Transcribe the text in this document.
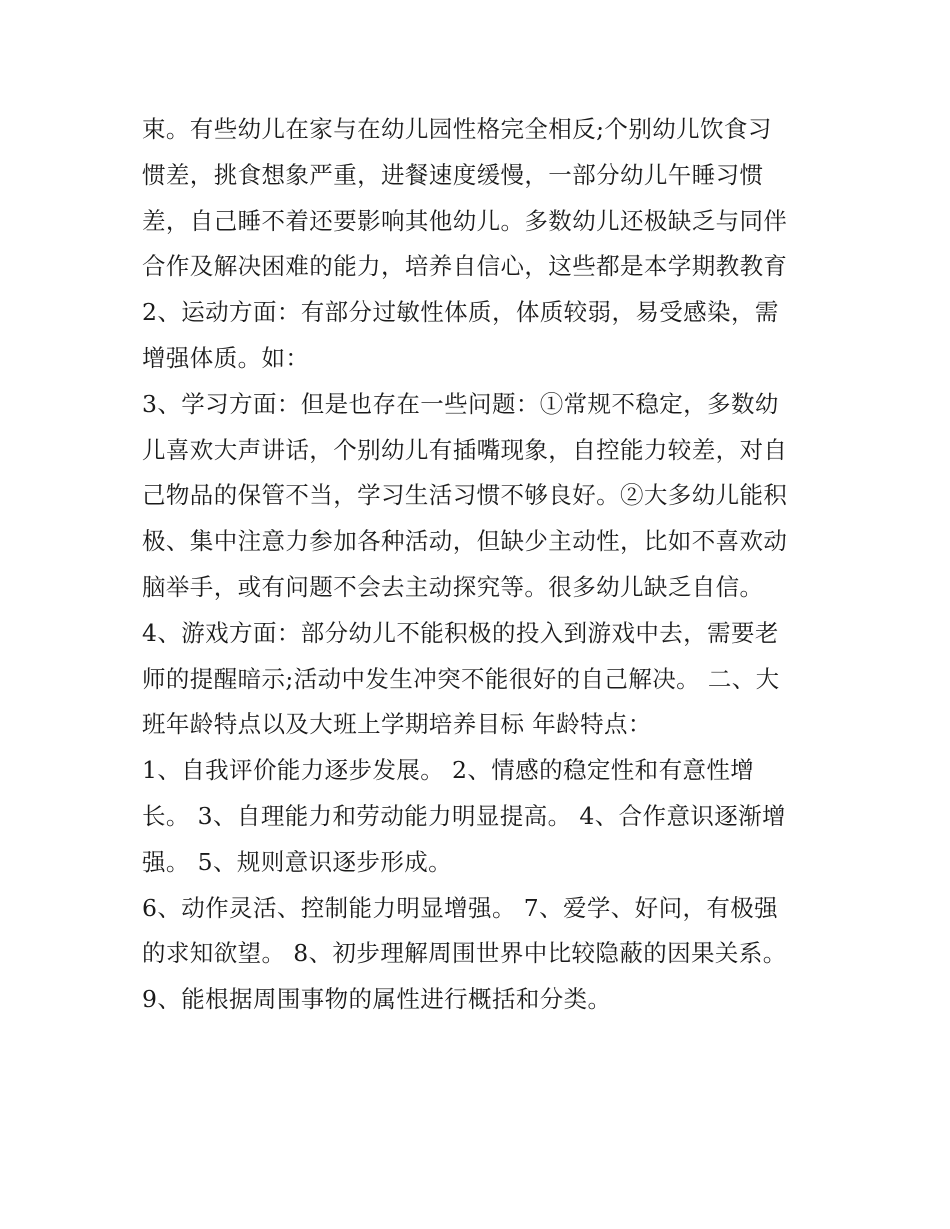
束。有些幼儿在家与在幼儿园性格完全相反;个别幼儿饮食习
惯差，挑食想象严重，进餐速度缓慢，一部分幼儿午睡习惯
差，自己睡不着还要影响其他幼儿。多数幼儿还极缺乏与同伴
合作及解决困难的能力，培养自信心，这些都是本学期教教育
2、运动方面：有部分过敏性体质，体质较弱，易受感染，需
增强体质。如：
3、学习方面：但是也存在一些问题：①常规不稳定，多数幼
儿喜欢大声讲话，个别幼儿有插嘴现象，自控能力较差，对自
己物品的保管不当，学习生活习惯不够良好。②大多幼儿能积
极、集中注意力参加各种活动，但缺少主动性，比如不喜欢动
脑举手，或有问题不会去主动探究等。很多幼儿缺乏自信。
4、游戏方面：部分幼儿不能积极的投入到游戏中去，需要老
师的提醒暗示;活动中发生冲突不能很好的自己解决。 二、大
班年龄特点以及大班上学期培养目标 年龄特点：
1、自我评价能力逐步发展。 2、情感的稳定性和有意性增
长。 3、自理能力和劳动能力明显提高。 4、合作意识逐渐增
强。 5、规则意识逐步形成。
6、动作灵活、控制能力明显增强。 7、爱学、好问，有极强
的求知欲望。 8、初步理解周围世界中比较隐蔽的因果关系。
9、能根据周围事物的属性进行概括和分类。
